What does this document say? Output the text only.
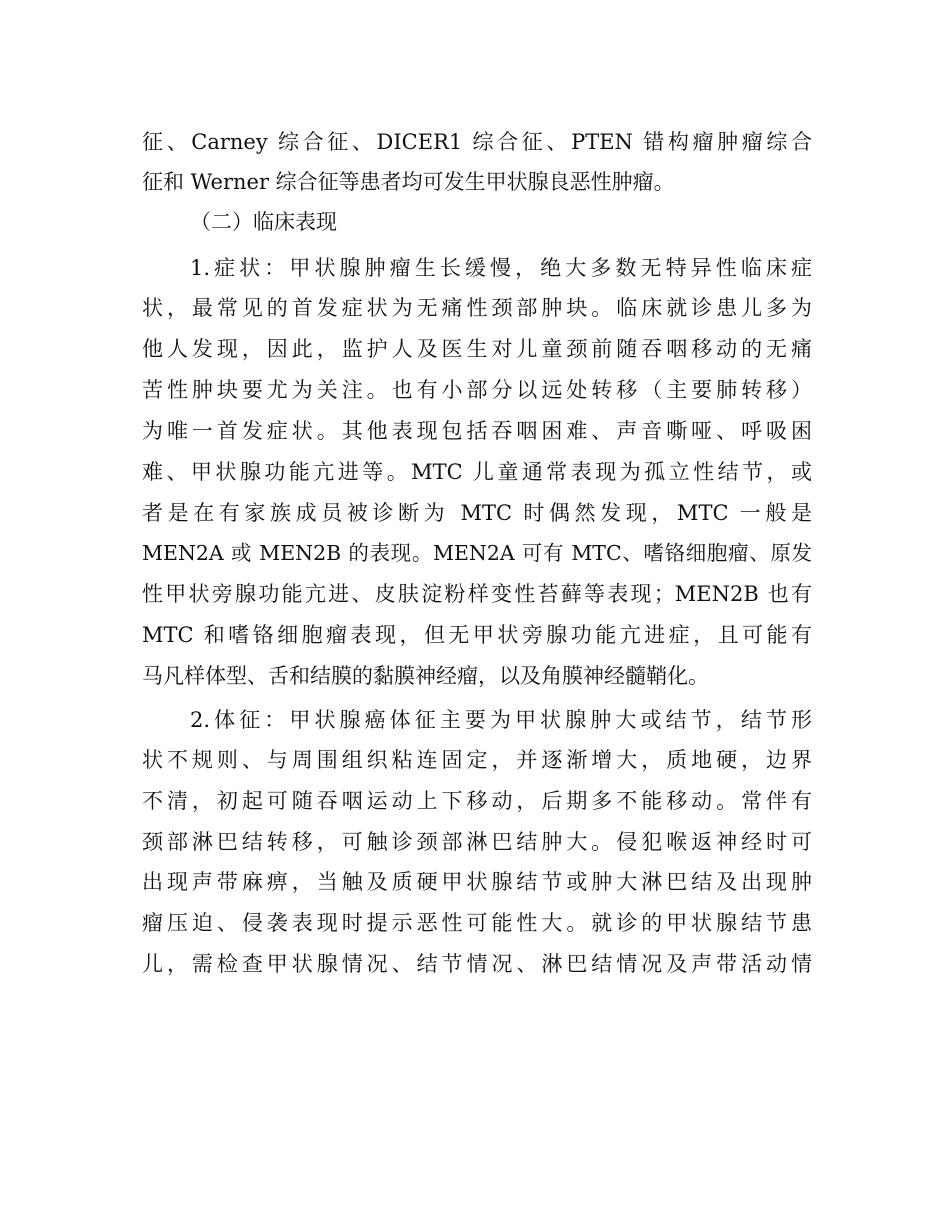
征、Carney 综合征、DICER1 综合征、PTEN 错构瘤肿瘤综合
征和 Werner 综合征等患者均可发生甲状腺良恶性肿瘤。
（二）临床表现
1.症状：甲状腺肿瘤生长缓慢，绝大多数无特异性临床症
状，最常见的首发症状为无痛性颈部肿块。临床就诊患儿多为
他人发现，因此，监护人及医生对儿童颈前随吞咽移动的无痛
苦性肿块要尤为关注。也有小部分以远处转移（主要肺转移）
为唯一首发症状。其他表现包括吞咽困难、声音嘶哑、呼吸困
难、甲状腺功能亢进等。MTC 儿童通常表现为孤立性结节，或
者是在有家族成员被诊断为 MTC 时偶然发现，MTC 一般是
MEN2A 或 MEN2B 的表现。MEN2A 可有 MTC、嗜铬细胞瘤、原发
性甲状旁腺功能亢进、皮肤淀粉样变性苔藓等表现；MEN2B 也有
MTC 和嗜铬细胞瘤表现，但无甲状旁腺功能亢进症，且可能有
马凡样体型、舌和结膜的黏膜神经瘤，以及角膜神经髓鞘化。
2.体征：甲状腺癌体征主要为甲状腺肿大或结节，结节形
状不规则、与周围组织粘连固定，并逐渐增大，质地硬，边界
不清，初起可随吞咽运动上下移动，后期多不能移动。常伴有
颈部淋巴结转移，可触诊颈部淋巴结肿大。侵犯喉返神经时可
出现声带麻痹，当触及质硬甲状腺结节或肿大淋巴结及出现肿
瘤压迫、侵袭表现时提示恶性可能性大。就诊的甲状腺结节患
儿，需检查甲状腺情况、结节情况、淋巴结情况及声带活动情
